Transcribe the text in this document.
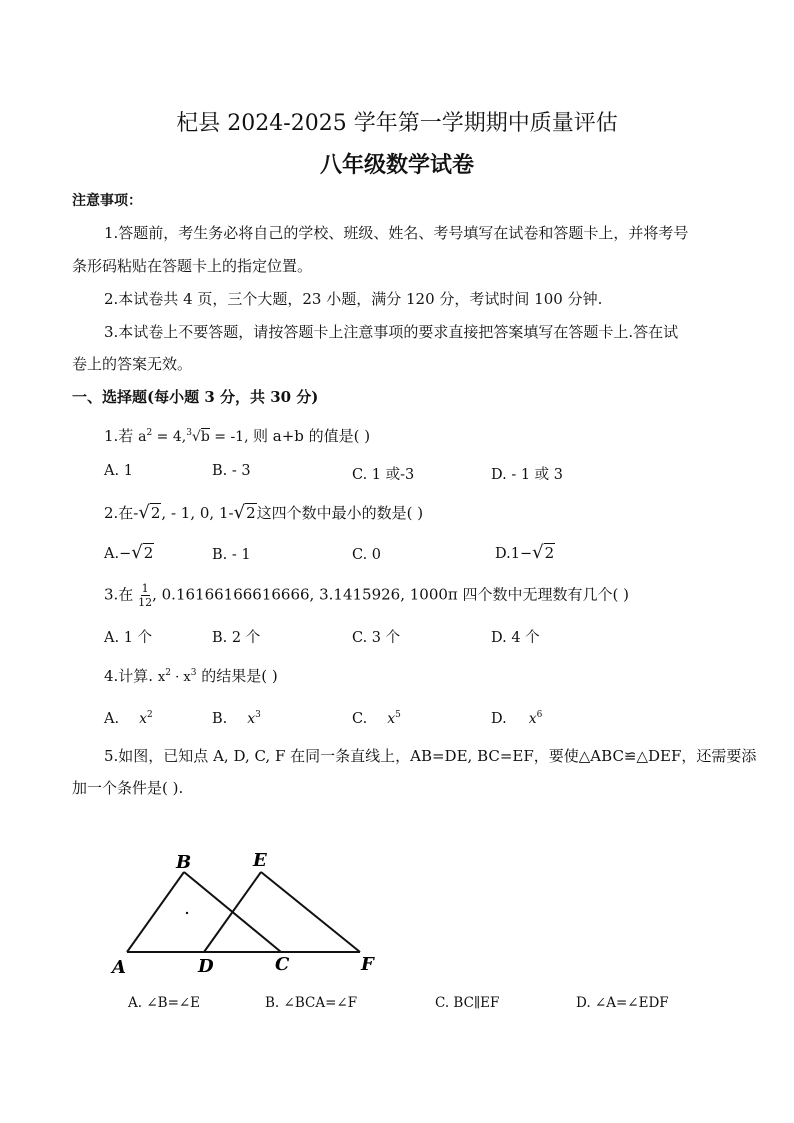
杞县 2024-2025 学年第一学期期中质量评估
八年级数学试卷
注意事项：
1.答题前，考生务必将自己的学校、班级、姓名、考号填写在试卷和答题卡上，并将考号
条形码粘贴在答题卡上的指定位置。
2.本试卷共 4 页，三个大题，23 小题，满分 120 分，考试时间 100 分钟.
3.本试卷上不要答题，请按答题卡上注意事项的要求直接把答案填写在答题卡上.答在试
卷上的答案无效。
一、选择题(每小题 3 分，共 30 分)
1.若 $a^2 = 4,^3√b = -1$, 则 a+b 的值是( )
A. 1	B. - 3	C. 1 或-3	D. - 1 或 3
2.在-√2, - 1, 0, 1-√2这四个数中最小的数是( )
A.−√2	B. - 1	C. 0	D.1−√2
3.在 $\frac{1}{12}$ , 0.16166166616666, 3.1415926, 1000π 四个数中无理数有几个( )
A. 1 个	B. 2 个	C. 3 个	D. 4 个
4.计算. $x^2 \cdot x^3$ 的结果是( )
A. $x^2$	B. $x^3$	C. $x^5$	D. $x^6$
5.如图，已知点 A, D, C, F 在同一条直线上，AB=DE, BC=EF，要使△ABC≌△DEF，还需要添
加一个条件是( ).
B	E
A	D	C	F
A. ∠B=∠E	B. ∠BCA=∠F	C. BC∥EF	D. ∠A=∠EDF
